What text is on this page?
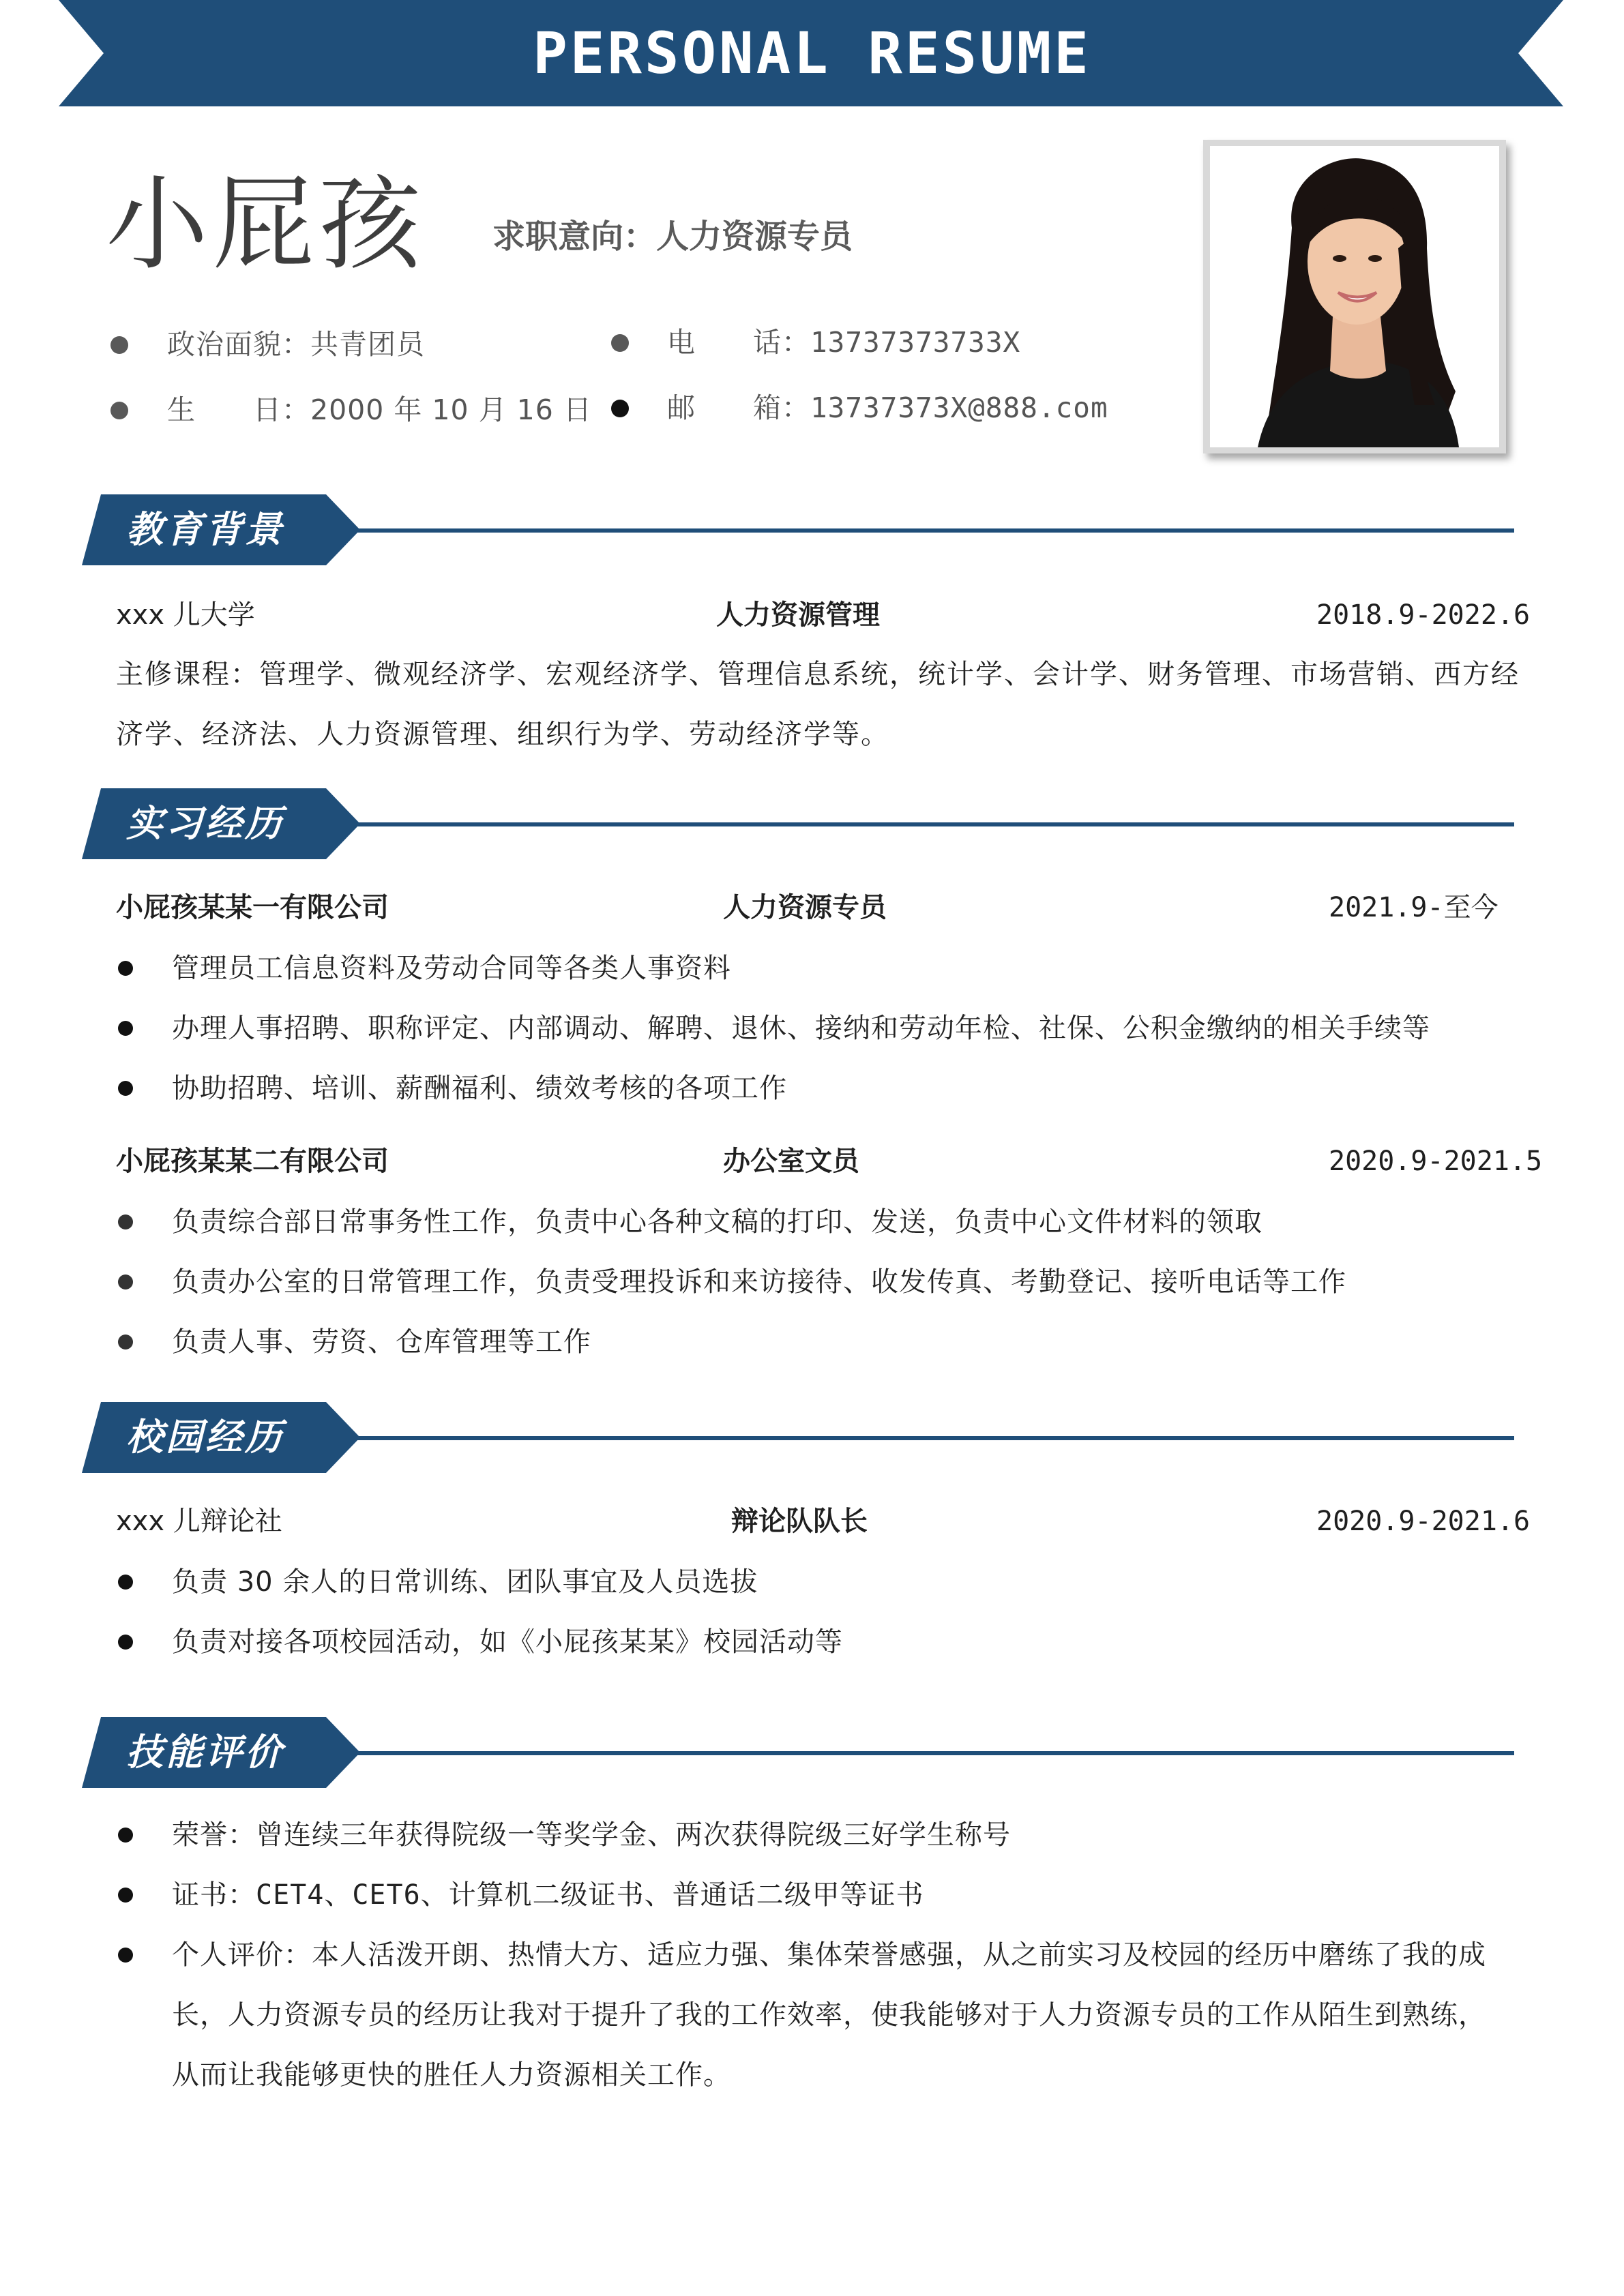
PERSONAL RESUME
小屁孩 求职意向：人力资源专员
政治面貌：共青团员	电　　话：13737373733X
生　　日：2000 年 10 月 16 日	邮　　箱：13737373X@888.com
教育背景
xxx 儿大学	人力资源管理	2018.9-2022.6
主修课程：管理学、微观经济学、宏观经济学、管理信息系统，统计学、会计学、财务管理、市场营销、西方经
济学、经济法、人力资源管理、组织行为学、劳动经济学等。
实习经历
小屁孩某某一有限公司	人力资源专员	2021.9-至今
管理员工信息资料及劳动合同等各类人事资料
办理人事招聘、职称评定、内部调动、解聘、退休、接纳和劳动年检、社保、公积金缴纳的相关手续等
协助招聘、培训、薪酬福利、绩效考核的各项工作
小屁孩某某二有限公司	办公室文员	2020.9-2021.5
负责综合部日常事务性工作，负责中心各种文稿的打印、发送，负责中心文件材料的领取
负责办公室的日常管理工作，负责受理投诉和来访接待、收发传真、考勤登记、接听电话等工作
负责人事、劳资、仓库管理等工作
校园经历
xxx 儿辩论社	辩论队队长	2020.9-2021.6
负责 30 余人的日常训练、团队事宜及人员选拔
负责对接各项校园活动，如《小屁孩某某》校园活动等
技能评价
荣誉：曾连续三年获得院级一等奖学金、两次获得院级三好学生称号
证书：CET4、CET6、计算机二级证书、普通话二级甲等证书
个人评价：本人活泼开朗、热情大方、适应力强、集体荣誉感强，从之前实习及校园的经历中磨练了我的成
长，人力资源专员的经历让我对于提升了我的工作效率，使我能够对于人力资源专员的工作从陌生到熟练，
从而让我能够更快的胜任人力资源相关工作。
